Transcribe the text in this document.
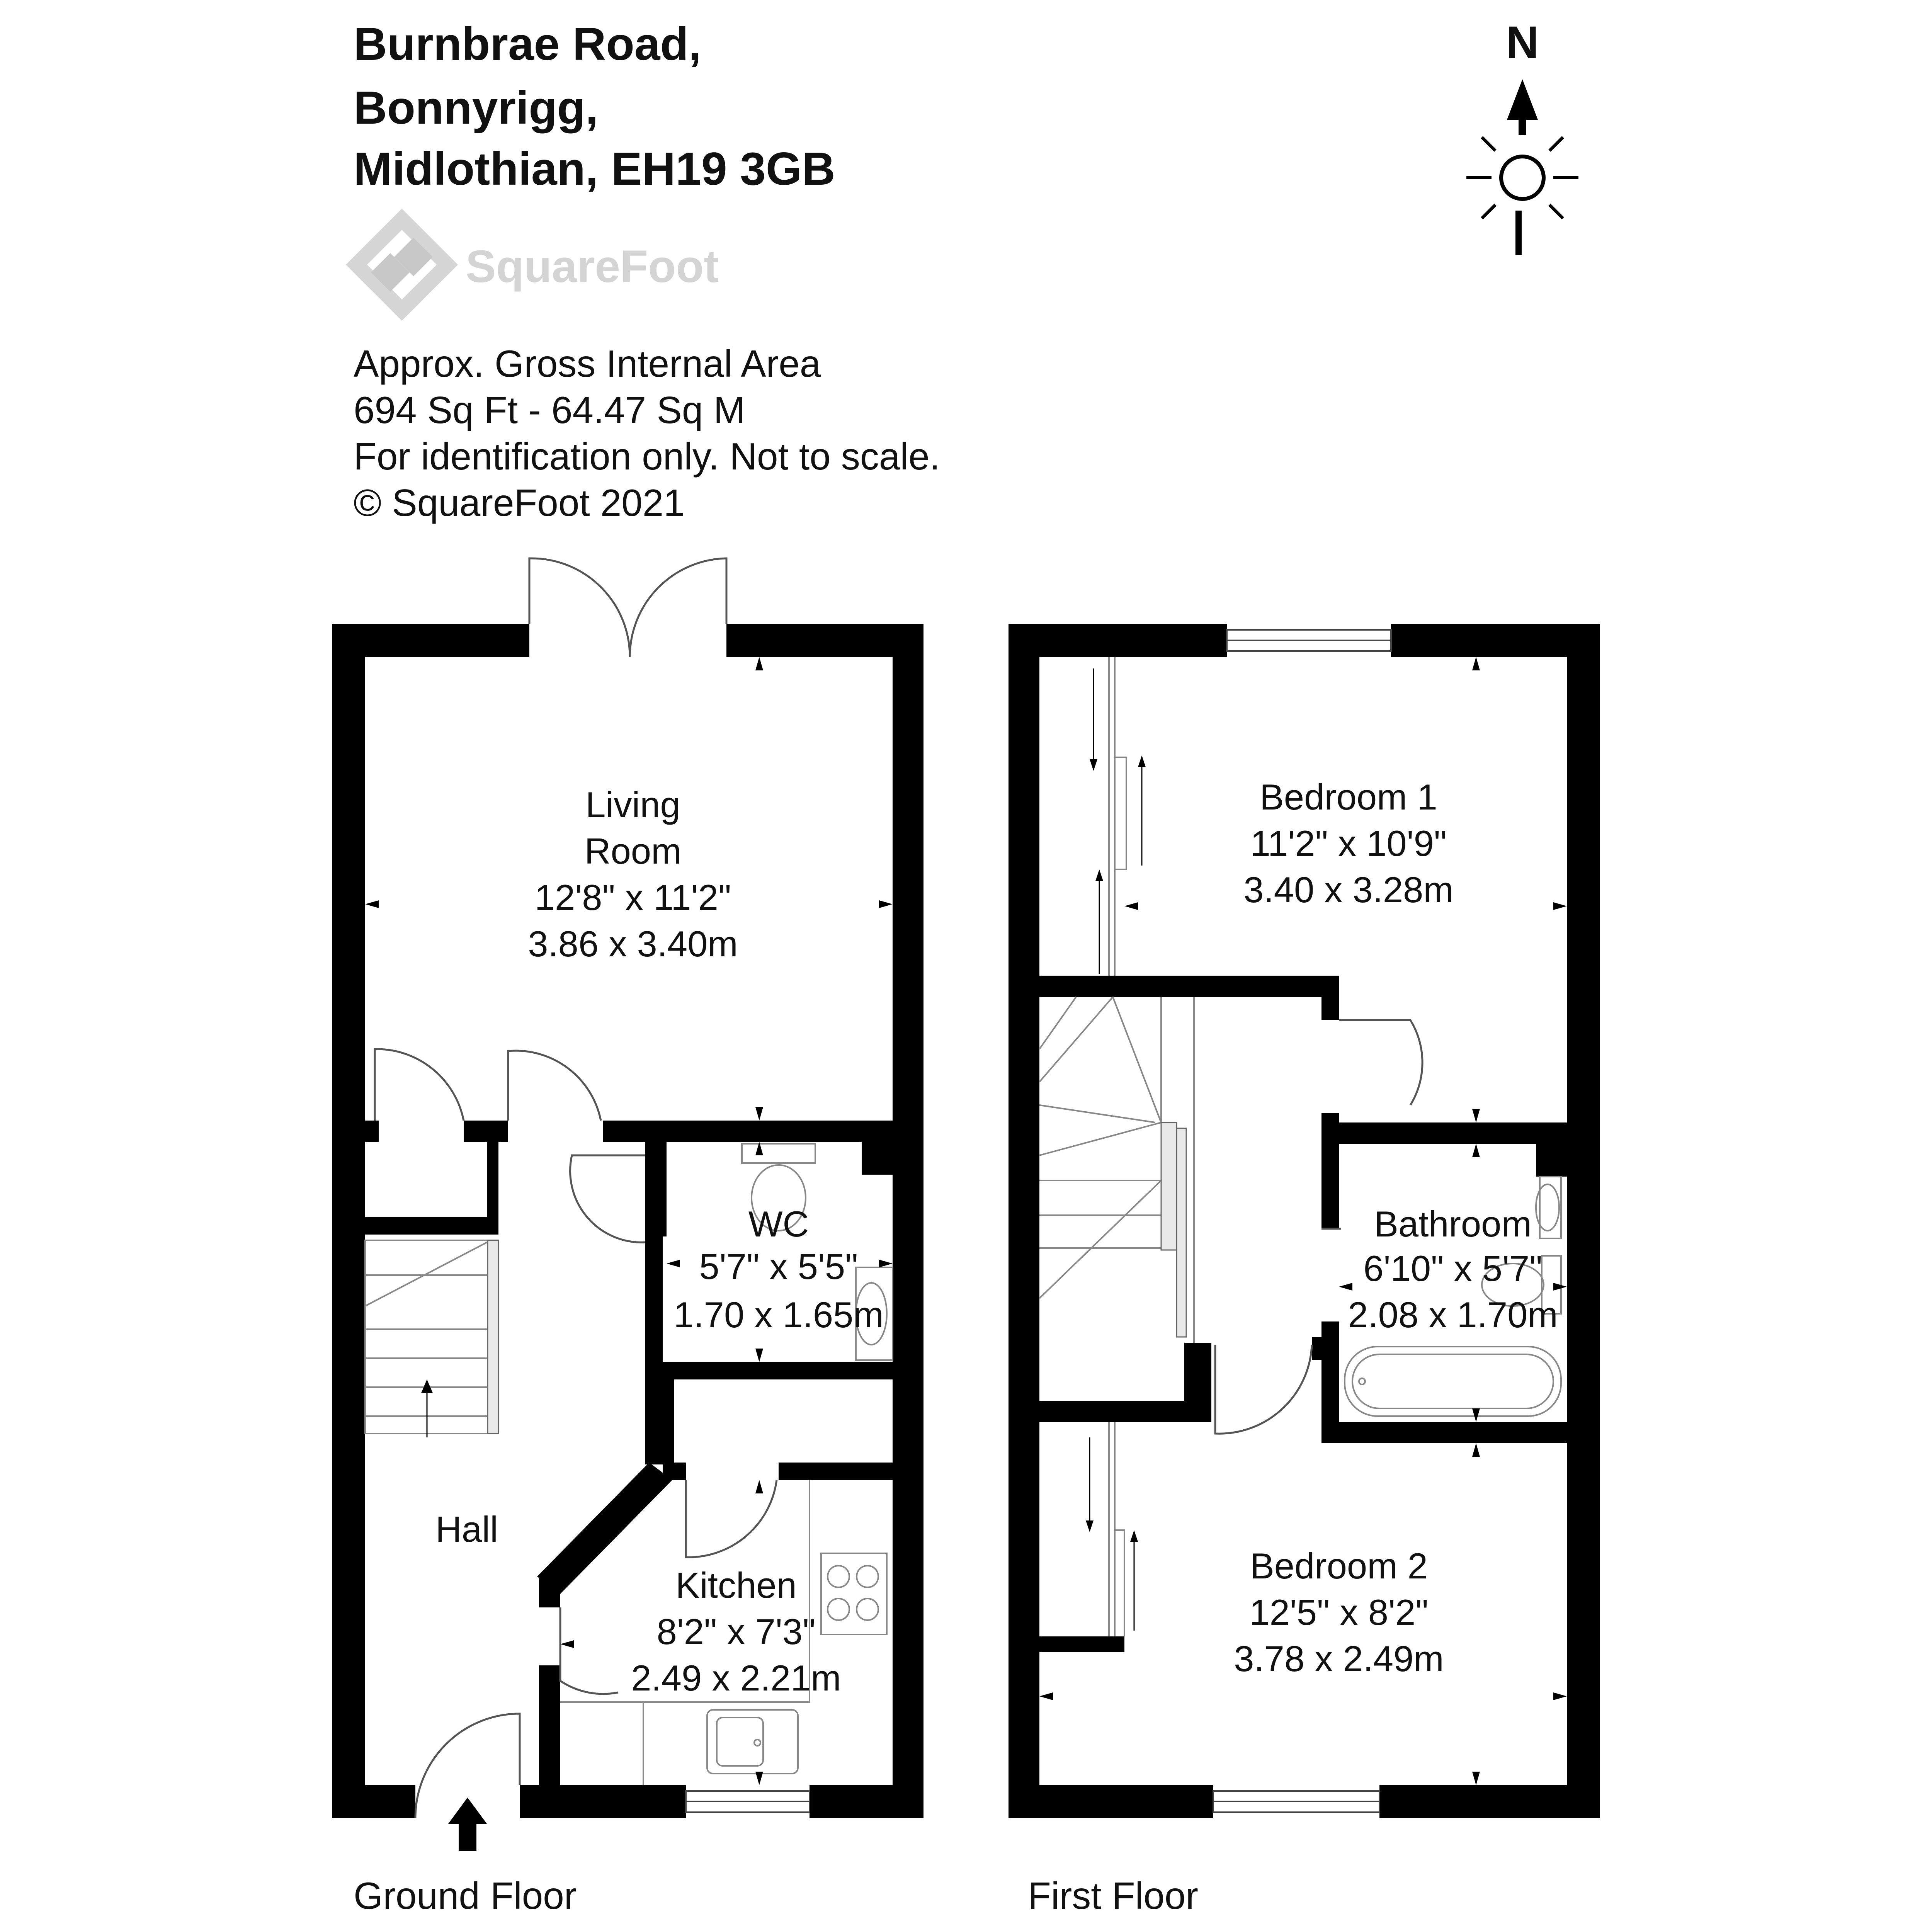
Burnbrae Road,
Bonnyrigg,
Midlothian, EH19 3GB
SquareFoot
Approx. Gross Internal Area
694 Sq Ft - 64.47 Sq M
For identification only. Not to scale.
© SquareFoot 2021
N
Living
Room
12'8" x 11'2"
3.86 x 3.40m
WC
5'7" x 5'5"
1.70 x 1.65m
Hall
Kitchen
8'2" x 7'3"
2.49 x 2.21m
Bedroom 1
11'2" x 10'9"
3.40 x 3.28m
Bathroom
6'10" x 5'7"
2.08 x 1.70m
Bedroom 2
12'5" x 8'2"
3.78 x 2.49m
Ground Floor	First Floor
